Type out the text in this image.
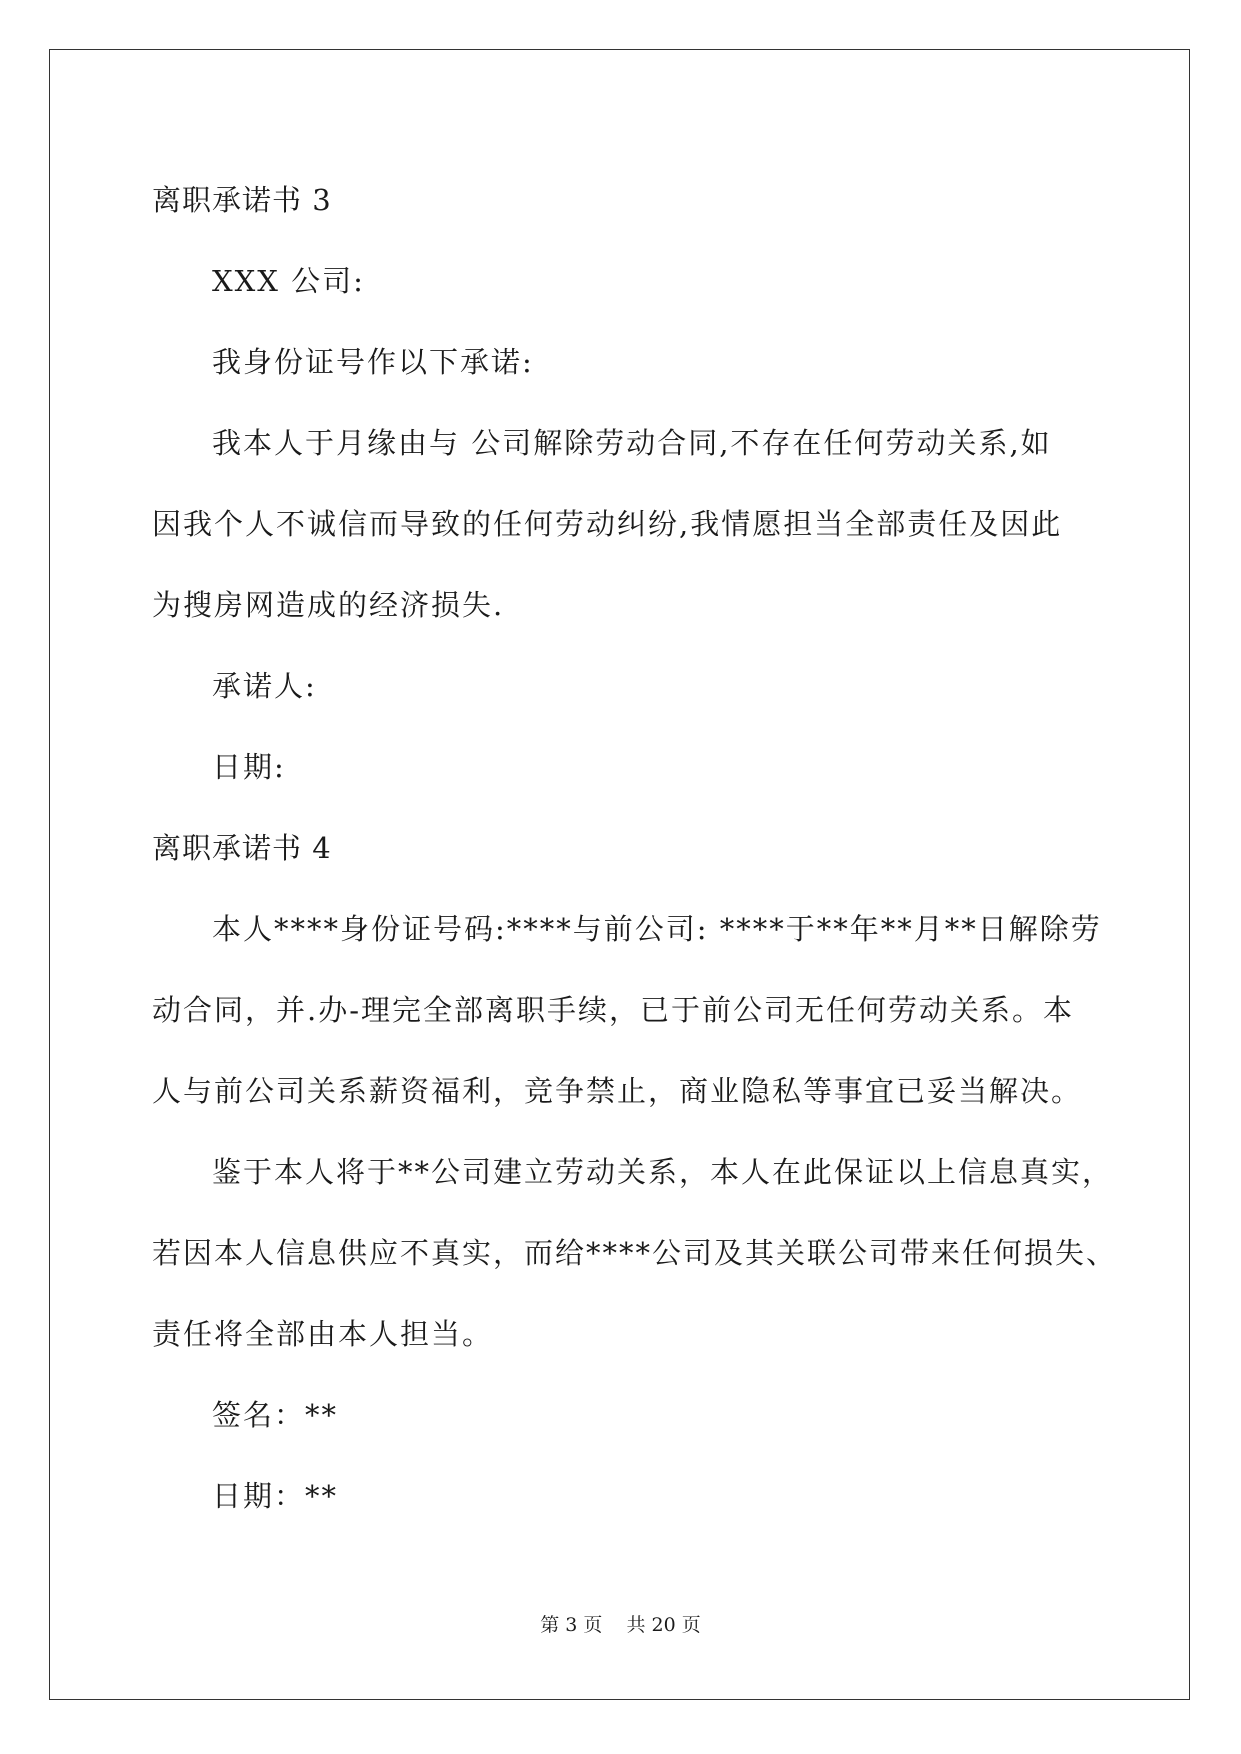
离职承诺书 3
XXX 公司:
我身份证号作以下承诺:
我本人于月缘由与 公司解除劳动合同,不存在任何劳动关系,如
因我个人不诚信而导致的任何劳动纠纷,我情愿担当全部责任及因此
为搜房网造成的经济损失.
承诺人:
日期:
离职承诺书 4
本人****身份证号码:****与前公司: ****于**年**月**日解除劳
动合同，并.办-理完全部离职手续，已于前公司无任何劳动关系。本
人与前公司关系薪资福利，竞争禁止，商业隐私等事宜已妥当解决。
鉴于本人将于**公司建立劳动关系，本人在此保证以上信息真实，
若因本人信息供应不真实，而给****公司及其关联公司带来任何损失、
责任将全部由本人担当。
签名：**
日期：**
第 3 页 共 20 页
